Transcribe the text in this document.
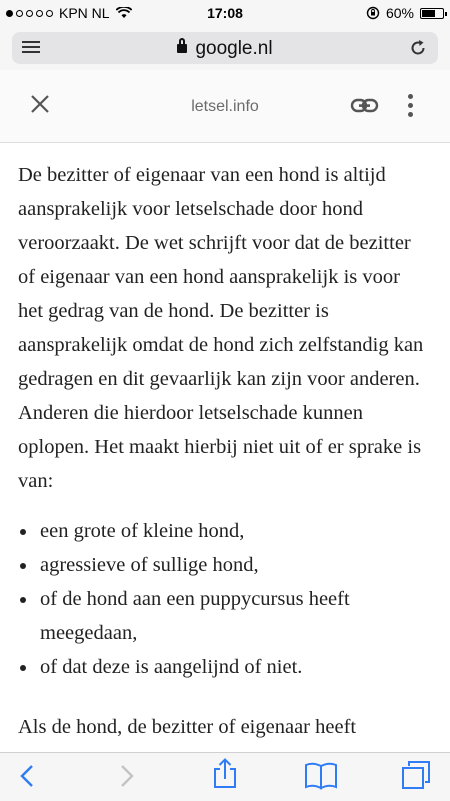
KPN NL	17:08	60%
google.nl
letsel.info

De bezitter of eigenaar van een hond is altijd aansprakelijk voor letselschade door hond veroorzaakt. De wet schrijft voor dat de bezitter of eigenaar van een hond aansprakelijk is voor het gedrag van de hond. De bezitter is aansprakelijk omdat de hond zich zelfstandig kan gedragen en dit gevaarlijk kan zijn voor anderen. Anderen die hierdoor letselschade kunnen oplopen. Het maakt hierbij niet uit of er sprake is van:

• een grote of kleine hond,
• agressieve of sullige hond,
• of de hond aan een puppycursus heeft meegedaan,
• of dat deze is aangelijnd of niet.

Als de hond, de bezitter of eigenaar heeft
